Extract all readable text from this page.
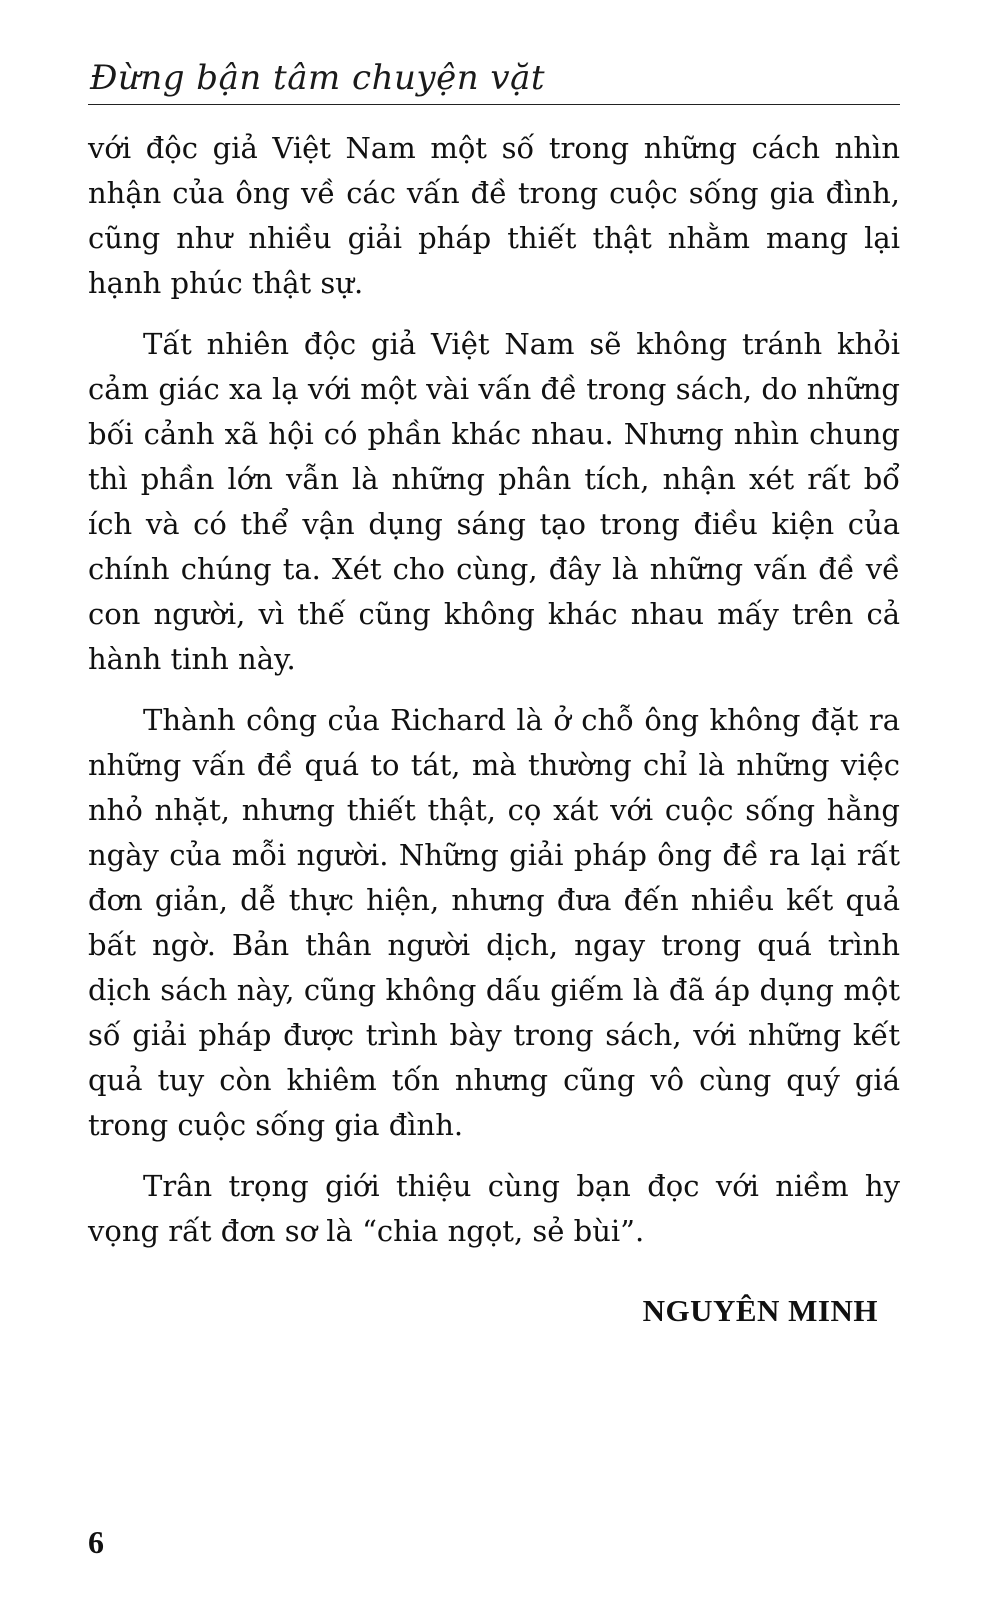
Đừng bận tâm chuyện vặt

với độc giả Việt Nam một số trong những cách nhìn nhận của ông về các vấn đề trong cuộc sống gia đình, cũng như nhiều giải pháp thiết thật nhằm mang lại hạnh phúc thật sự.

Tất nhiên độc giả Việt Nam sẽ không tránh khỏi cảm giác xa lạ với một vài vấn đề trong sách, do những bối cảnh xã hội có phần khác nhau. Nhưng nhìn chung thì phần lớn vẫn là những phân tích, nhận xét rất bổ ích và có thể vận dụng sáng tạo trong điều kiện của chính chúng ta. Xét cho cùng, đây là những vấn đề về con người, vì thế cũng không khác nhau mấy trên cả hành tinh này.

Thành công của Richard là ở chỗ ông không đặt ra những vấn đề quá to tát, mà thường chỉ là những việc nhỏ nhặt, nhưng thiết thật, cọ xát với cuộc sống hằng ngày của mỗi người. Những giải pháp ông đề ra lại rất đơn giản, dễ thực hiện, nhưng đưa đến nhiều kết quả bất ngờ. Bản thân người dịch, ngay trong quá trình dịch sách này, cũng không dấu giếm là đã áp dụng một số giải pháp được trình bày trong sách, với những kết quả tuy còn khiêm tốn nhưng cũng vô cùng quý giá trong cuộc sống gia đình.

Trân trọng giới thiệu cùng bạn đọc với niềm hy vọng rất đơn sơ là “chia ngọt, sẻ bùi”.

NGUYÊN MINH
6
